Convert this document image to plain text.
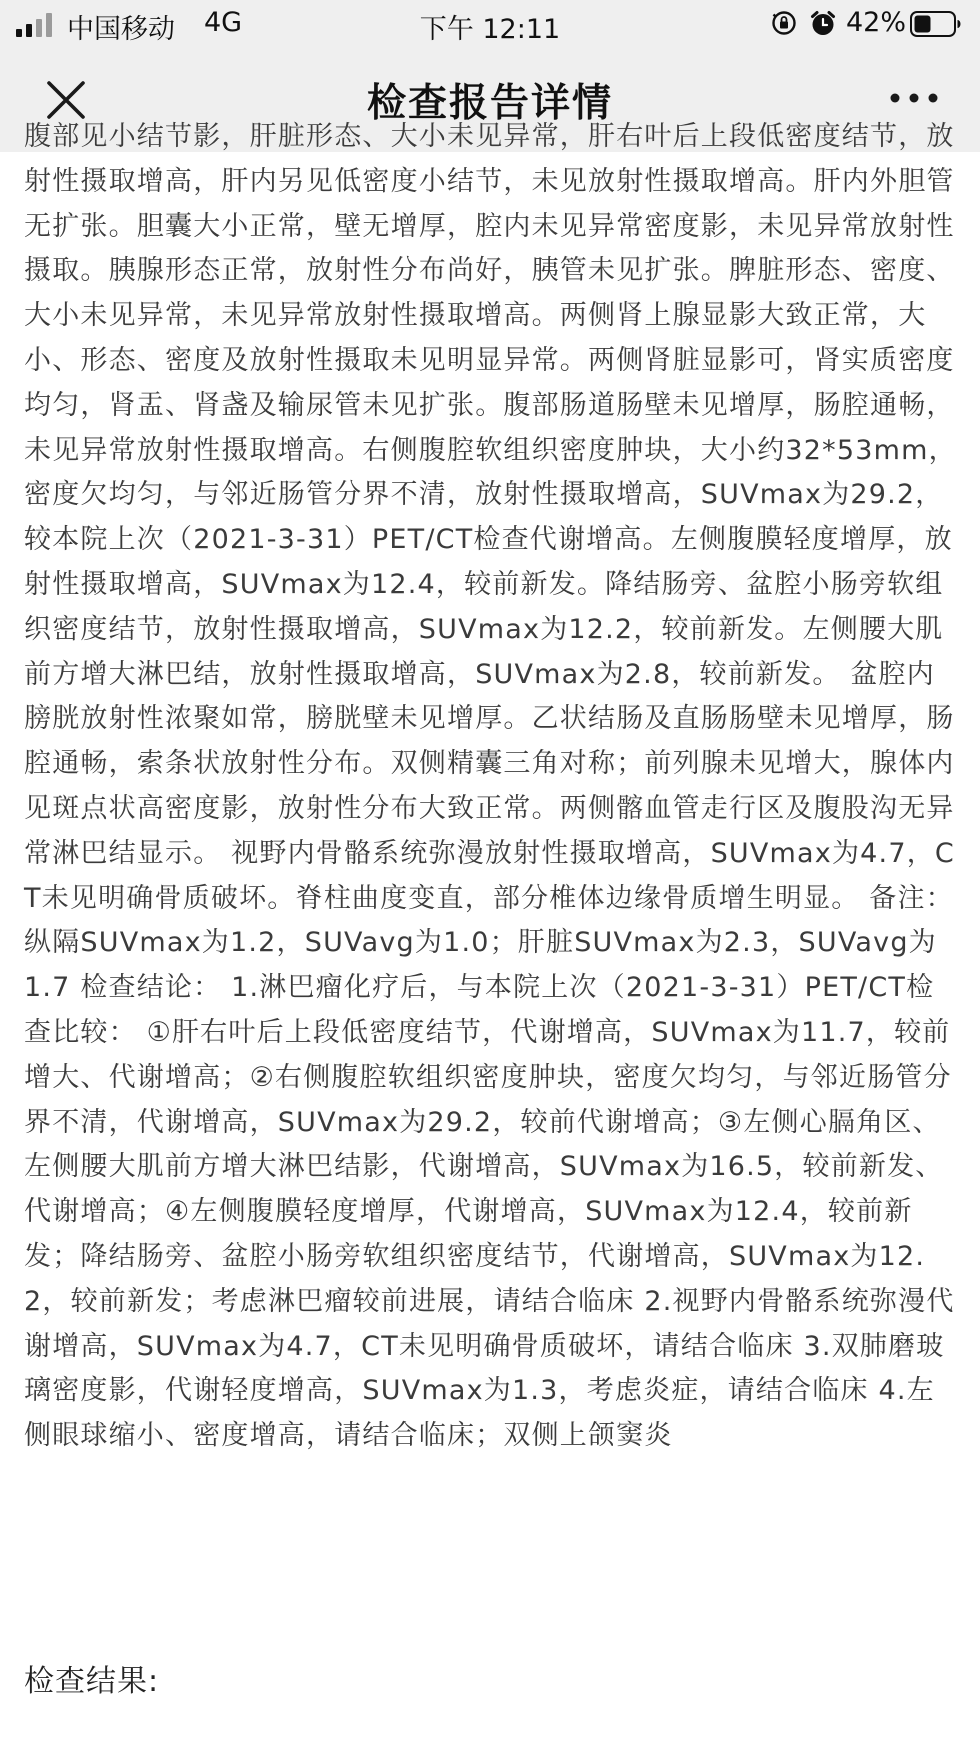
中国移动 4G	下午 12:11	42%
检查报告详情

腹部见小结节影，肝脏形态、大小未见异常，肝右叶后上段低密度结节，放射性摄取增高，肝内另见低密度小结节，未见放射性摄取增高。肝内外胆管无扩张。胆囊大小正常，壁无增厚，腔内未见异常密度影，未见异常放射性摄取。胰腺形态正常，放射性分布尚好，胰管未见扩张。脾脏形态、密度、大小未见异常，未见异常放射性摄取增高。两侧肾上腺显影大致正常，大小、形态、密度及放射性摄取未见明显异常。两侧肾脏显影可，肾实质密度均匀，肾盂、肾盏及输尿管未见扩张。腹部肠道肠壁未见增厚，肠腔通畅，未见异常放射性摄取增高。右侧腹腔软组织密度肿块，大小约32*53mm，密度欠均匀，与邻近肠管分界不清，放射性摄取增高，SUVmax为29.2，较本院上次（2021-3-31）PET/CT检查代谢增高。左侧腹膜轻度增厚，放射性摄取增高，SUVmax为12.4，较前新发。降结肠旁、盆腔小肠旁软组织密度结节，放射性摄取增高，SUVmax为12.2，较前新发。左侧腰大肌前方增大淋巴结，放射性摄取增高，SUVmax为2.8，较前新发。 盆腔内膀胱放射性浓聚如常，膀胱壁未见增厚。乙状结肠及直肠肠壁未见增厚，肠腔通畅，索条状放射性分布。双侧精囊三角对称；前列腺未见增大，腺体内见斑点状高密度影，放射性分布大致正常。两侧髂血管走行区及腹股沟无异常淋巴结显示。 视野内骨骼系统弥漫放射性摄取增高，SUVmax为4.7，CT未见明确骨质破坏。脊柱曲度变直，部分椎体边缘骨质增生明显。 备注：纵隔SUVmax为1.2，SUVavg为1.0；肝脏SUVmax为2.3，SUVavg为1.7 检查结论： 1.淋巴瘤化疗后，与本院上次（2021-3-31）PET/CT检查比较： ①肝右叶后上段低密度结节，代谢增高，SUVmax为11.7，较前增大、代谢增高；②右侧腹腔软组织密度肿块，密度欠均匀，与邻近肠管分界不清，代谢增高，SUVmax为29.2，较前代谢增高；③左侧心膈角区、左侧腰大肌前方增大淋巴结影，代谢增高，SUVmax为16.5，较前新发、代谢增高；④左侧腹膜轻度增厚，代谢增高，SUVmax为12.4，较前新发；降结肠旁、盆腔小肠旁软组织密度结节，代谢增高，SUVmax为12.2，较前新发；考虑淋巴瘤较前进展，请结合临床 2.视野内骨骼系统弥漫代谢增高，SUVmax为4.7，CT未见明确骨质破坏，请结合临床 3.双肺磨玻璃密度影，代谢轻度增高，SUVmax为1.3，考虑炎症，请结合临床 4.左侧眼球缩小、密度增高，请结合临床；双侧上颌窦炎

检查结果:
